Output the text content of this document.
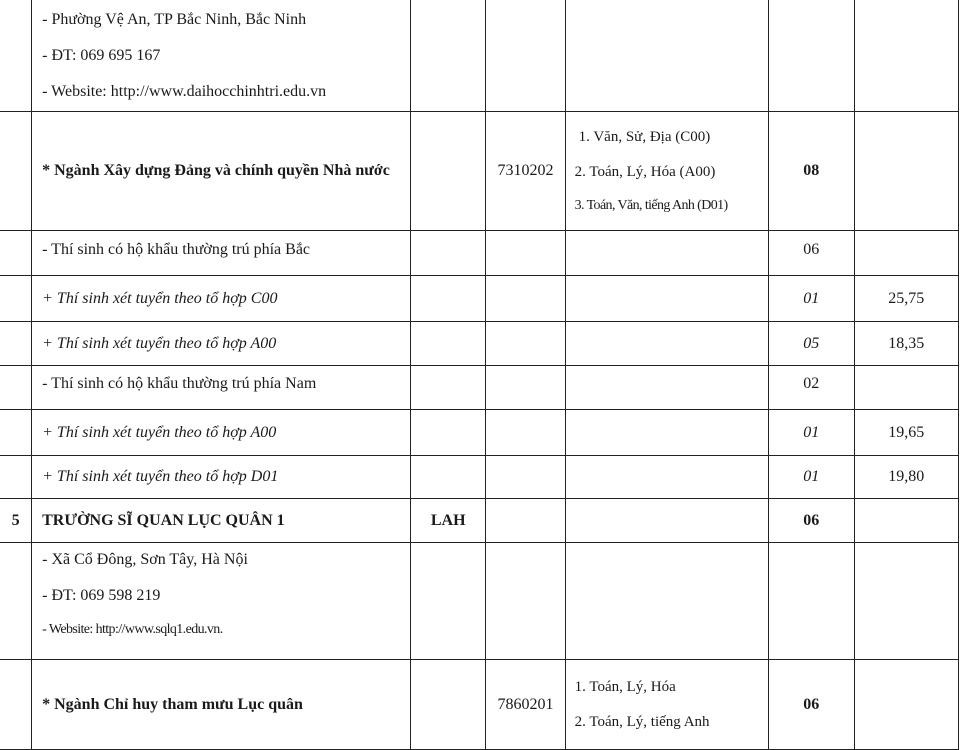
	- Phường Vệ An, TP Bắc Ninh, Bắc Ninh
- ĐT: 069 695 167
- Website: http://www.daihocchinhtri.edu.vn					

	* Ngành Xây dựng Đảng và chính quyền Nhà nước		7310202	1. Văn, Sử, Địa (C00)
2. Toán, Lý, Hóa (A00)
3. Toán, Văn, tiếng Anh (D01)	08	
	- Thí sinh có hộ khẩu thường trú phía Bắc				06	
	+ Thí sinh xét tuyển theo tổ hợp C00				01	25,75
	+ Thí sinh xét tuyển theo tổ hợp A00				05	18,35
	- Thí sinh có hộ khẩu thường trú phía Nam				02	
	+ Thí sinh xét tuyển theo tổ hợp A00				01	19,65
	+ Thí sinh xét tuyển theo tổ hợp D01				01	19,80
5	TRƯỜNG SĨ QUAN LỤC QUÂN 1	LAH			06	

	- Xã Cổ Đông, Sơn Tây, Hà Nội
- ĐT: 069 598 219
- Website: http://www.sqlq1.edu.vn.					

	* Ngành Chỉ huy tham mưu Lục quân		7860201	1. Toán, Lý, Hóa
2. Toán, Lý, tiếng Anh	06	
